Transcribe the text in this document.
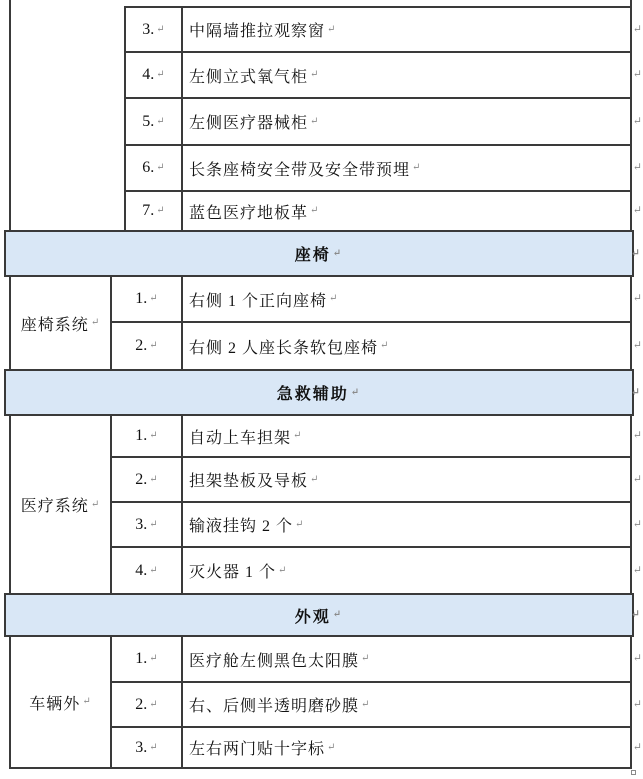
3. ↵ 中隔墙推拉观察窗 ↵	↵
4. ↵ 左侧立式氧气柜 ↵	↵
5. ↵ 左侧医疗器械柜 ↵	↵
6. ↵ 长条座椅安全带及安全带预埋 ↵	↵
7. ↵ 蓝色医疗地板革 ↵	↵
座椅 ↵	↵
座椅系统 ↵
1. ↵ 右侧 1 个正向座椅 ↵	↵
2. ↵ 右侧 2 人座长条软包座椅 ↵	↵
急救辅助 ↵	↵
医疗系统 ↵
1. ↵ 自动上车担架 ↵	↵
2. ↵ 担架垫板及导板 ↵	↵
3. ↵ 输液挂钩 2 个 ↵	↵
4. ↵ 灭火器 1 个 ↵	↵
外观 ↵	↵
车辆外 ↵
1. ↵ 医疗舱左侧黑色太阳膜 ↵	↵
2. ↵ 右、后侧半透明磨砂膜 ↵	↵
3. ↵ 左右两门贴十字标 ↵	↵
